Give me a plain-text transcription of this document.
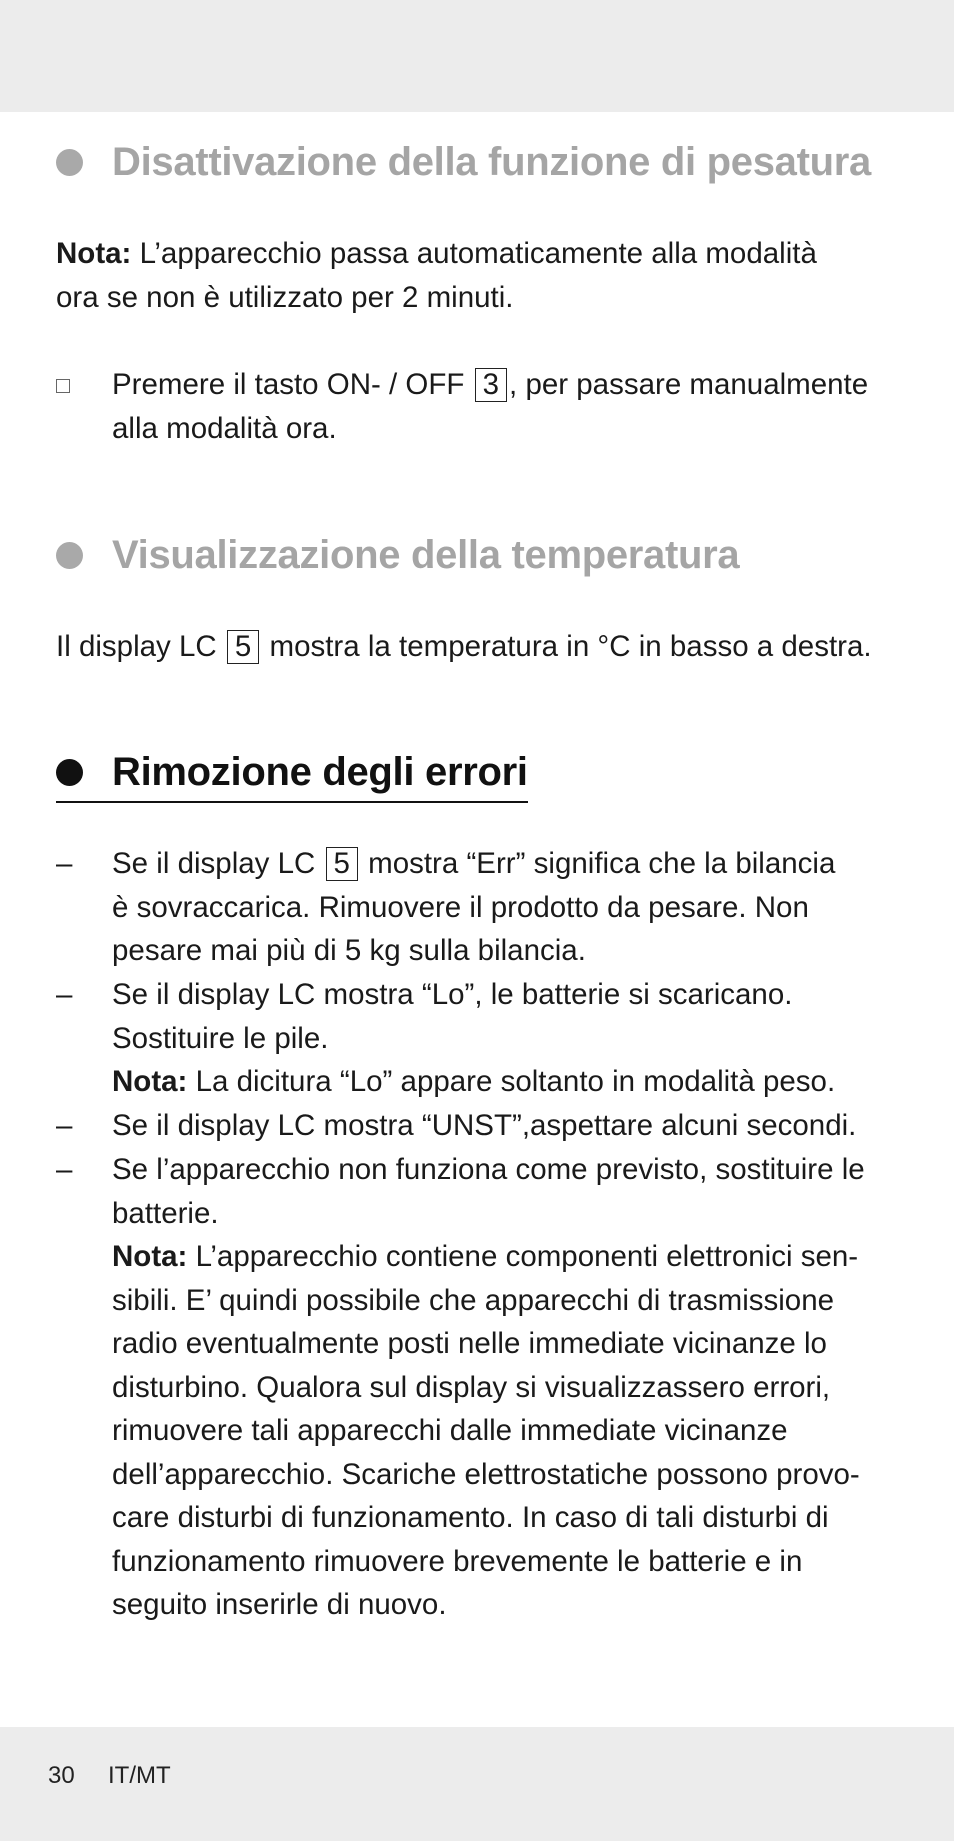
Disattivazione della funzione di pesatura
Nota: L’apparecchio passa automaticamente alla modalità
ora se non è utilizzato per 2 minuti.
Premere il tasto ON- / OFF 3 , per passare manualmente
alla modalità ora.
Visualizzazione della temperatura
Il display LC 5 mostra la temperatura in °C in basso a destra.
Rimozione degli errori
–	Se il display LC 5 mostra “Err” significa che la bilancia
è sovraccarica. Rimuovere il prodotto da pesare. Non
pesare mai più di 5 kg sulla bilancia.
–	Se il display LC mostra “Lo”, le batterie si scaricano.
Sostituire le pile.
Nota: La dicitura “Lo” appare soltanto in modalità peso.
–	Se il display LC mostra “UNST”,aspettare alcuni secondi.
–	Se l’apparecchio non funziona come previsto, sostituire le
batterie.
Nota: L’apparecchio contiene componenti elettronici sen-
sibili. E’ quindi possibile che apparecchi di trasmissione
radio eventualmente posti nelle immediate vicinanze lo
disturbino. Qualora sul display si visualizzassero errori,
rimuovere tali apparecchi dalle immediate vicinanze
dell’apparecchio. Scariche elettrostatiche possono provo-
care disturbi di funzionamento. In caso di tali disturbi di
funzionamento rimuovere brevemente le batterie e in
seguito inserirle di nuovo.
30 IT/MT
